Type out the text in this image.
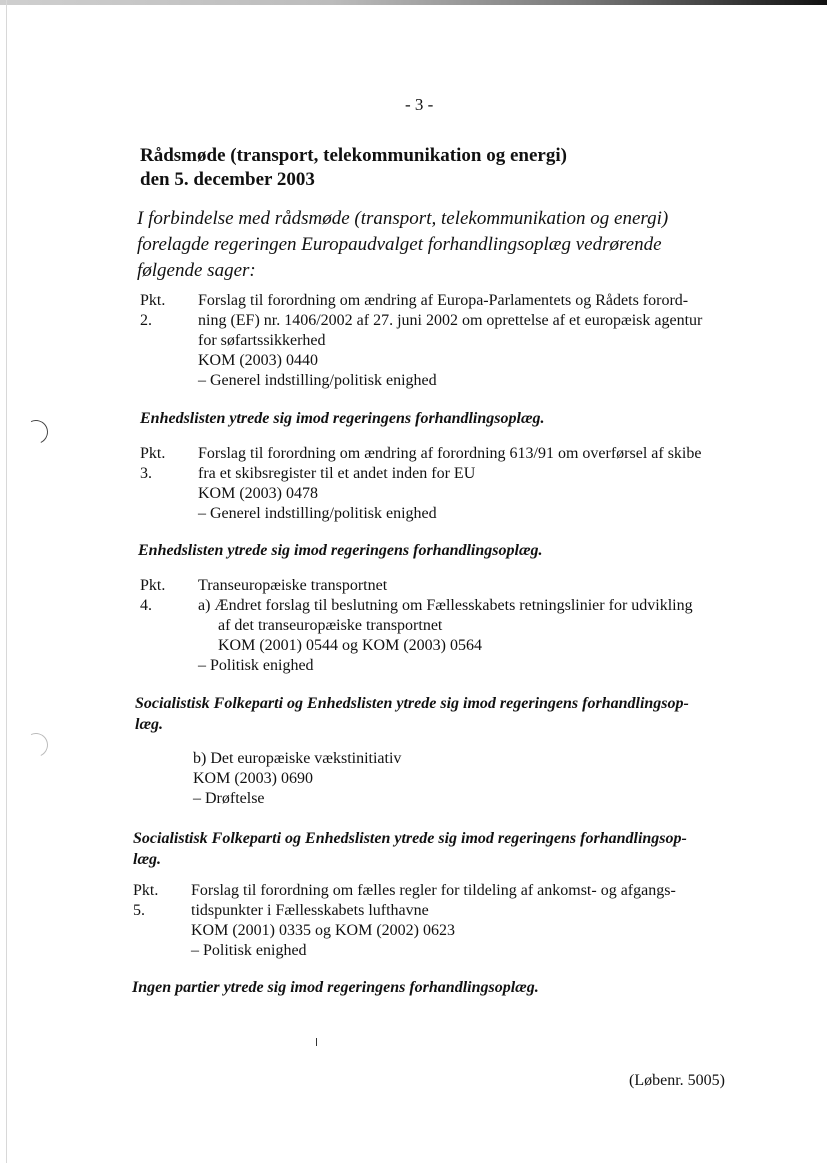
- 3 -
Rådsmøde (transport, telekommunikation og energi)
den 5. december 2003
I forbindelse med rådsmøde (transport, telekommunikation og energi)
forelagde regeringen Europaudvalget forhandlingsoplæg vedrørende
følgende sager:
Pkt. 2.
Forslag til forordning om ændring af Europa-Parlamentets og Rådets forord-
ning (EF) nr. 1406/2002 af 27. juni 2002 om oprettelse af et europæisk agentur
for søfartssikkerhed
KOM (2003) 0440
– Generel indstilling/politisk enighed
Enhedslisten ytrede sig imod regeringens forhandlingsoplæg.
Pkt. 3.
Forslag til forordning om ændring af forordning 613/91 om overførsel af skibe
fra et skibsregister til et andet inden for EU
KOM (2003) 0478
– Generel indstilling/politisk enighed
Enhedslisten ytrede sig imod regeringens forhandlingsoplæg.
Pkt. 4.
Transeuropæiske transportnet
a) Ændret forslag til beslutning om Fællesskabets retningslinier for udvikling
af det transeuropæiske transportnet
KOM (2001) 0544 og KOM (2003) 0564
– Politisk enighed
Socialistisk Folkeparti og Enhedslisten ytrede sig imod regeringens forhandlingsop-
læg.
b) Det europæiske vækstinitiativ
KOM (2003) 0690
– Drøftelse
Socialistisk Folkeparti og Enhedslisten ytrede sig imod regeringens forhandlingsop-
læg.
Pkt. 5.
Forslag til forordning om fælles regler for tildeling af ankomst- og afgangs-
tidspunkter i Fællesskabets lufthavne
KOM (2001) 0335 og KOM (2002) 0623
– Politisk enighed
Ingen partier ytrede sig imod regeringens forhandlingsoplæg.
(Løbenr. 5005)
